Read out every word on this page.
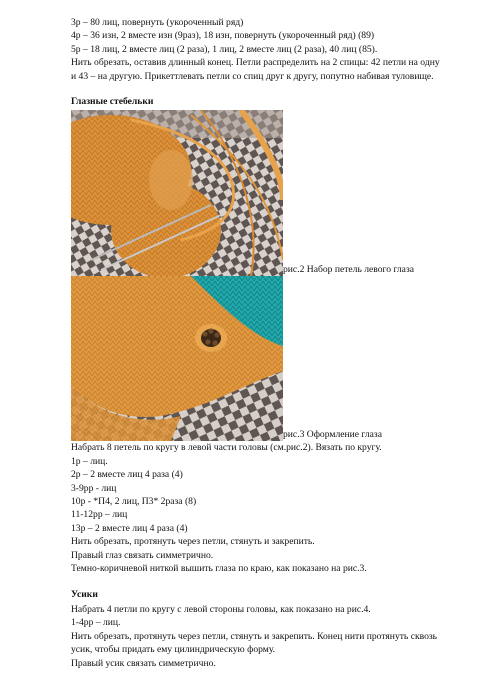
3р – 80 лиц, повернуть (укороченный ряд)
4р – 36 изн, 2 вместе изн (9раз), 18 изн, повернуть (укороченный ряд) (89)
5р – 18 лиц, 2 вместе лиц (2 раза), 1 лиц, 2 вместе лиц (2 раза), 40 лиц (85).
Нить обрезать, оставив длинный конец. Петли распределить на 2 спицы: 42 петли на одну
и 43 – на другую. Прикеттлевать петли со спиц друг к другу, попутно набивая туловище.
Глазные стебельки
рис.2 Набор петель левого глаза
рис.3 Оформление глаза
Набрать 8 петель по кругу в левой части головы (см.рис.2). Вязать по кругу.
1р – лиц.
2р – 2 вместе лиц 4 раза (4)
3-9рр - лиц
10р - *П4, 2 лиц, П3* 2раза (8)
11-12рр – лиц
13р – 2 вместе лиц 4 раза (4)
Нить обрезать, протянуть через петли, стянуть и закрепить.
Правый глаз связать симметрично.
Темно-коричневой ниткой вышить глаза по краю, как показано на рис.3.
Усики
Набрать 4 петли по кругу с левой стороны головы, как показано на рис.4.
1-4рр – лиц.
Нить обрезать, протянуть через петли, стянуть и закрепить. Конец нити протянуть сквозь
усик, чтобы придать ему цилиндрическую форму.
Правый усик связать симметрично.
